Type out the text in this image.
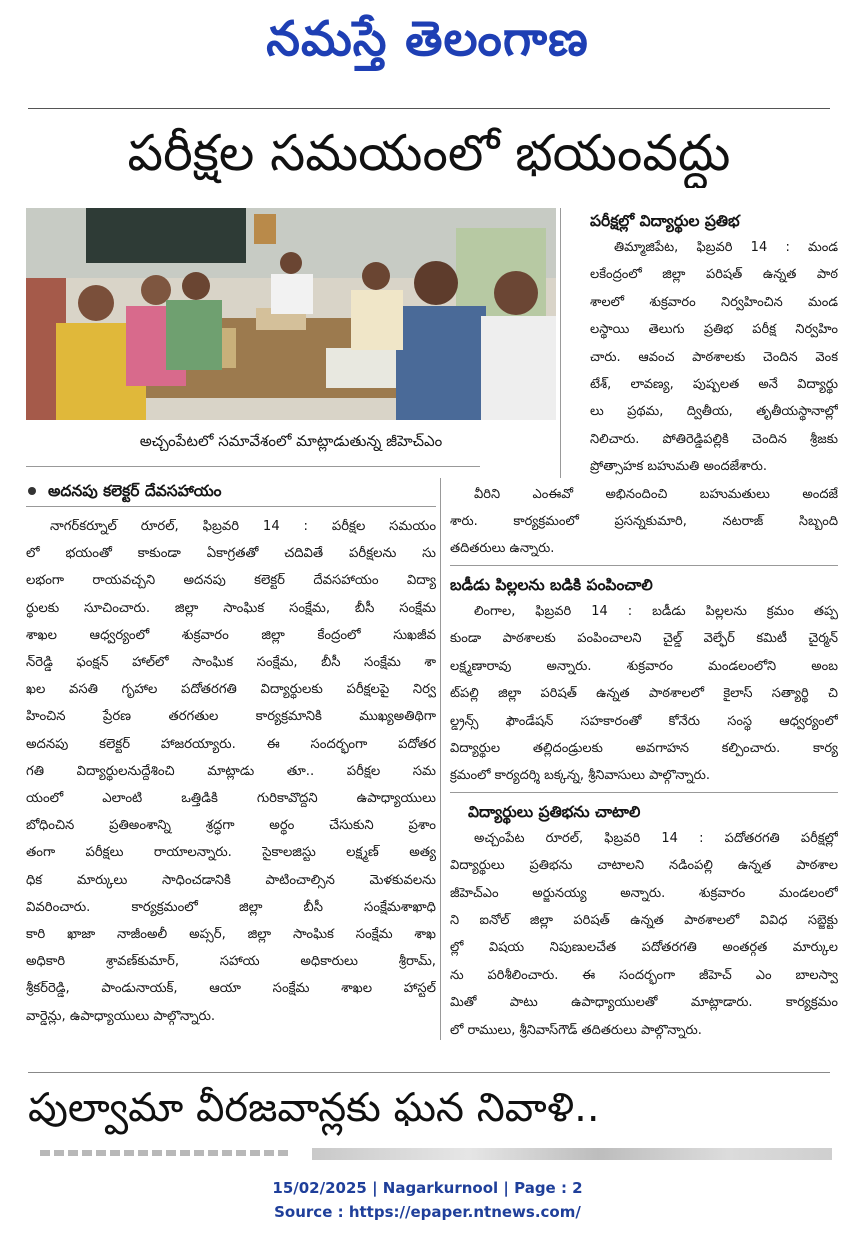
నమస్తే తెలంగాణ
పరీక్షల సమయంలో భయంవద్దు
అచ్చంపేటలో సమావేశంలో మాట్లాడుతున్న జీహెచ్‌ఎం
అదనపు కలెక్టర్‌ దేవసహాయం
నాగర్‌కర్నూల్‌ రూరల్‌, ఫిబ్రవరి 14 : పరీక్షల సమయం
లో భయంతో కాకుండా ఏకాగ్రతతో చదివితే పరీక్షలను సు
లభంగా రాయవచ్చని అదనపు కలెక్టర్‌ దేవసహాయం విద్యా
ర్థులకు సూచించారు. జిల్లా సాంఘిక సంక్షేమ, బీసీ సంక్షేమ
శాఖల ఆధ్వర్యంలో శుక్రవారం జిల్లా కేంద్రంలో సుఖజీవ
న్‌రెడ్డి ఫంక్షన్‌ హాల్‌లో సాంఘిక సంక్షేమ, బీసీ సంక్షేమ శా
ఖల వసతి గృహాల పదోతరగతి విద్యార్థులకు పరీక్షలపై నిర్వ
హించిన ప్రేరణ తరగతుల కార్యక్రమానికి ముఖ్యఅతిథిగా
అదనపు కలెక్టర్‌ హాజరయ్యారు. ఈ సందర్భంగా పదోతర
గతి విద్యార్థులనుద్దేశించి మాట్లాడు తూ.. పరీక్షల సమ
యంలో ఎలాంటి ఒత్తిడికి గురికావొద్దని ఉపాధ్యాయులు
బోధించిన ప్రతిఅంశాన్ని శ్రద్ధగా అర్థం చేసుకుని ప్రశాం
తంగా పరీక్షలు రాయాలన్నారు. సైకాలజిస్టు లక్ష్మణ్‌ అత్య
ధిక మార్కులు సాధించడానికి పాటించాల్సిన మెళకువలను
వివరించారు. కార్యక్రమంలో జిల్లా బీసీ సంక్షేమశాఖాధి
కారి ఖాజా నాజీంఅలీ అప్సర్‌, జిల్లా సాంఘిక సంక్షేమ శాఖ
అధికారి శ్రావణ్‌కుమార్‌, సహాయ అధికారులు శ్రీరామ్‌,
శ్రీకర్‌రెడ్డి, పాండునాయక్‌, ఆయా సంక్షేమ శాఖల హాస్టల్‌
వార్డెన్లు, ఉపాధ్యాయులు పాల్గొన్నారు.
పరీక్షల్లో విద్యార్థుల ప్రతిభ
తిమ్మాజిపేట, ఫిబ్రవరి 14 : మండ
లకేంద్రంలో జిల్లా పరిషత్‌ ఉన్నత పాఠ
శాలలో శుక్రవారం నిర్వహించిన మండ
లస్థాయి తెలుగు ప్రతిభ పరీక్ష నిర్వహిం
చారు. ఆవంచ పాఠశాలకు చెందిన వెంక
టేశ్‌, లావణ్య, పుష్పలత అనే విద్యార్థు
లు ప్రథమ, ద్వితీయ, తృతీయస్థానాల్లో
నిలిచారు. పోతిరెడ్డిపల్లికి చెందిన శ్రీజకు
ప్రోత్సాహక బహుమతి అందజేశారు.
వీరిని ఎంఈవో అభినందించి బహుమతులు అందజే
శారు. కార్యక్రమంలో ప్రసన్నకుమారి, నటరాజ్‌ సిబ్బంది
తదితరులు ఉన్నారు.
బడీడు పిల్లలను బడికి పంపించాలి
లింగాల, ఫిబ్రవరి 14 : బడీడు పిల్లలను క్రమం తప్ప
కుండా పాఠశాలకు పంపించాలని చైల్డ్‌ వెల్ఫేర్‌ కమిటీ చైర్మన్‌
లక్ష్మణారావు అన్నారు. శుక్రవారం మండలంలోని అంబ
ట్‌పల్లి జిల్లా పరిషత్‌ ఉన్నత పాఠశాలలో కైలాస్‌ సత్యార్థి చి
ల్డ్రన్స్‌ ఫౌండేషన్‌ సహకారంతో కోనేరు సంస్థ ఆధ్వర్యంలో
విద్యార్థుల తల్లిదండ్రులకు అవగాహన కల్పించారు. కార్య
క్రమంలో కార్యదర్శి బక్కన్న, శ్రీనివాసులు పాల్గొన్నారు.
విద్యార్థులు ప్రతిభను చాటాలి
అచ్చంపేట రూరల్‌, ఫిబ్రవరి 14 : పదోతరగతి పరీక్షల్లో
విద్యార్థులు ప్రతిభను చాటాలని నడింపల్లి ఉన్నత పాఠశాల
జీహెచ్‌ఎం అర్జునయ్య అన్నారు. శుక్రవారం మండలంలో
ని ఐనోల్‌ జిల్లా పరిషత్‌ ఉన్నత పాఠశాలలో వివిధ సబ్జెక్టు
ల్లో విషయ నిపుణులచేత పదోతరగతి అంతర్గత మార్కుల
ను పరిశీలించారు. ఈ సందర్భంగా జీహెచ్‌ ఎం బాలస్వా
మితో పాటు ఉపాధ్యాయులతో మాట్లాడారు. కార్యక్రమం
లో రాములు, శ్రీనివాస్‌గౌడ్‌ తదితరులు పాల్గొన్నారు.
పుల్వామా వీరజవాన్లకు ఘన నివాళి..
15/02/2025 | Nagarkurnool | Page : 2
Source : https://epaper.ntnews.com/
